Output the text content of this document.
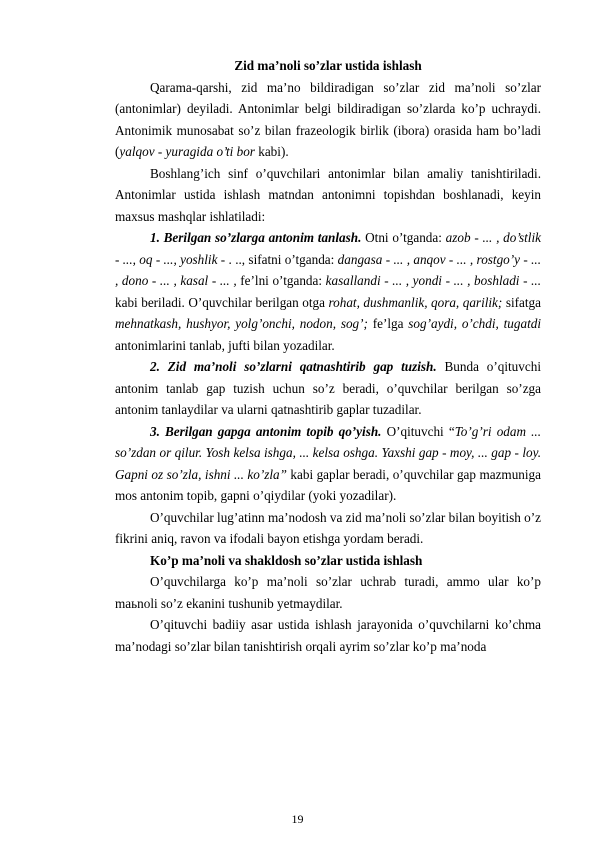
Zid ma’noli so’zlar ustida ishlash

Qarama-qarshi, zid ma’no bildiradigan so’zlar zid ma’noli so’zlar (antonimlar) deyiladi. Antonimlar belgi bildiradigan so’zlarda ko’p uchraydi. Antonimik munosabat so’z bilan frazeologik birlik (ibora) orasida ham bo’ladi (yalqov - yuragida o’ti bor kabi).

Boshlang’ich sinf o’quvchilari antonimlar bilan amaliy tanishtiriladi. Antonimlar ustida ishlash matndan antonimni topishdan boshlanadi, keyin maxsus mashqlar ishlatiladi:

1. Berilgan so’zlarga antonim tanlash. Otni o’tganda: azob - ... , do’stlik - ..., oq - ..., yoshlik - . .., sifatni o’tganda: dangasa - ... , anqov - ... , rostgo’y - ... , dono - ... , kasal - ... , fe’lni o’tganda: kasallandi - ... , yondi - ... , boshladi - ... kabi beriladi. O’quvchilar berilgan otga rohat, dushmanlik, qora, qarilik; sifatga mehnatkash, hushyor, yolg’onchi, nodon, sog’; fe’lga sog’aydi, o’chdi, tugatdi antonimlarini tanlab, jufti bilan yozadilar.

2. Zid ma’noli so’zlarni qatnashtirib gap tuzish. Bunda o’qituvchi antonim tanlab gap tuzish uchun so’z beradi, o’quvchilar berilgan so’zga antonim tanlaydilar va ularni qatnashtirib gaplar tuzadilar.

3. Berilgan gapga antonim topib qo’yish. O’qituvchi “To’g’ri odam ... so’zdan or qilur. Yosh kelsa ishga, ... kelsa oshga. Yaxshi gap - moy, ... gap - loy. Gapni oz so’zla, ishni ... ko’zla” kabi gaplar beradi, o’quvchilar gap mazmuniga mos antonim topib, gapni o’qiydilar (yoki yozadilar).

O’quvchilar lug’atinn ma’nodosh va zid ma’noli so’zlar bilan boyitish o’z fikrini aniq, ravon va ifodali bayon etishga yordam beradi.

Ko’p ma’noli va shakldosh so’zlar ustida ishlash

O’quvchilarga ko’p ma’noli so’zlar uchrab turadi, ammo ular ko’p maьnoli so’z ekanini tushunib yetmaydilar.

O’qituvchi badiiy asar ustida ishlash jarayonida o’quvchilarni ko’chma ma’nodagi so’zlar bilan tanishtirish orqali ayrim so’zlar ko’p ma’noda

19
